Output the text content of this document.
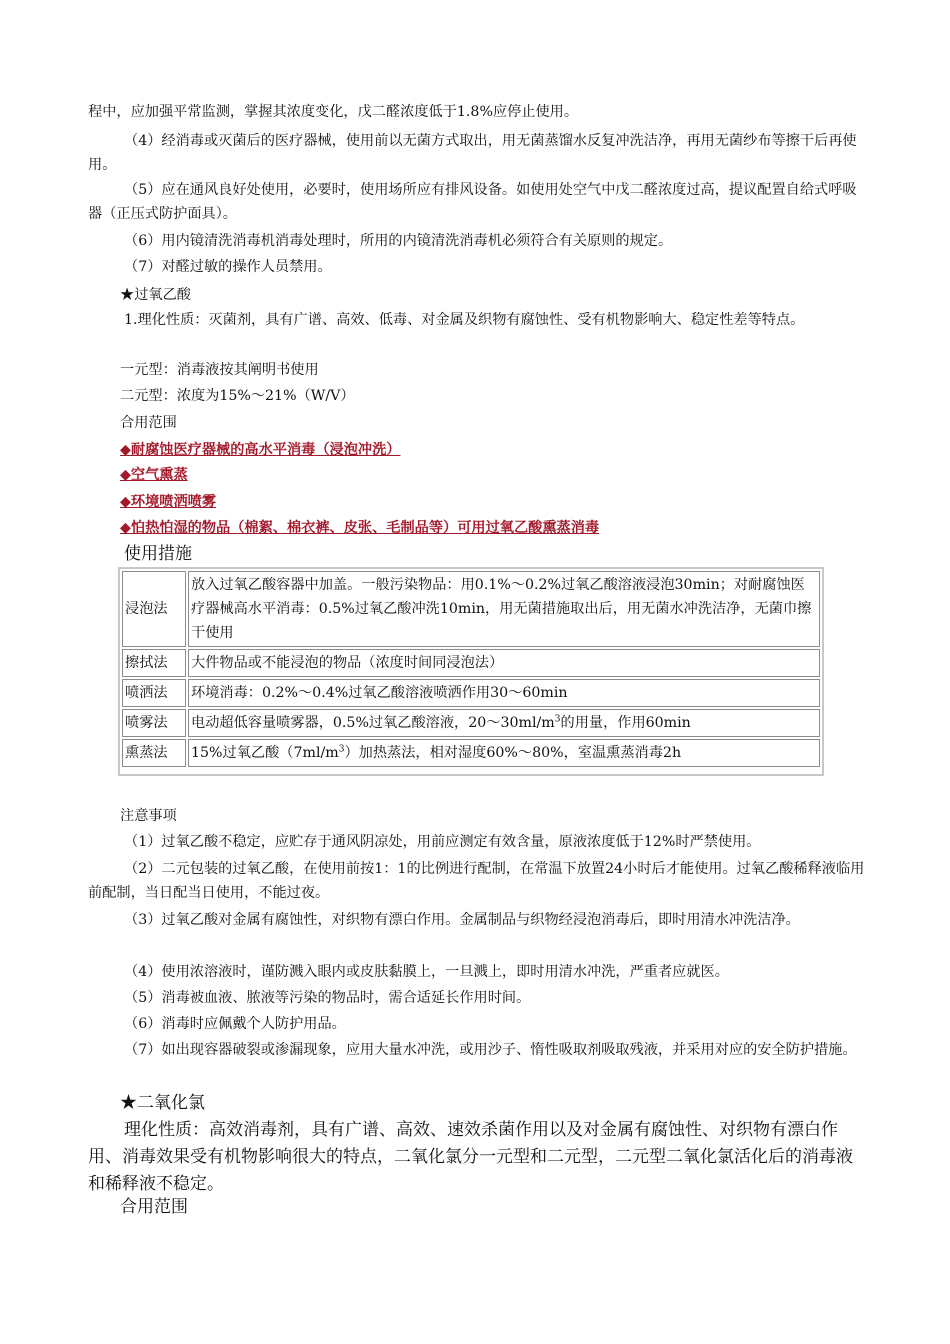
程中，应加强平常监测，掌握其浓度变化，戊二醛浓度低于1.8%应停止使用。

（4）经消毒或灭菌后的医疗器械，使用前以无菌方式取出，用无菌蒸馏水反复冲洗洁净，再用无菌纱布等擦干后再使用。

（5）应在通风良好处使用，必要时，使用场所应有排风设备。如使用处空气中戊二醛浓度过高，提议配置自给式呼吸器（正压式防护面具）。

（6）用内镜清洗消毒机消毒处理时，所用的内镜清洗消毒机必须符合有关原则的规定。

（7）对醛过敏的操作人员禁用。

★过氧乙酸

1.理化性质：灭菌剂，具有广谱、高效、低毒、对金属及织物有腐蚀性、受有机物影响大、稳定性差等特点。

一元型：消毒液按其阐明书使用

二元型：浓度为15%～21%（W/V）

合用范围

◆耐腐蚀医疗器械的高水平消毒（浸泡冲洗）

◆空气熏蒸

◆环境喷洒喷雾

◆怕热怕湿的物品（棉絮、棉衣裤、皮张、毛制品等）可用过氧乙酸熏蒸消毒

使用措施

浸泡法	放入过氧乙酸容器中加盖。一般污染物品：用0.1%～0.2%过氧乙酸溶液浸泡30min；对耐腐蚀医疗器械高水平消毒：0.5%过氧乙酸冲洗10min，用无菌措施取出后，用无菌水冲洗洁净，无菌巾擦干使用
擦拭法	大件物品或不能浸泡的物品（浓度时间同浸泡法）
喷洒法	环境消毒：0.2%～0.4%过氧乙酸溶液喷洒作用30～60min
喷雾法	电动超低容量喷雾器，0.5%过氧乙酸溶液，$20\sim 30ml/m^3$的用量，作用60min
熏蒸法	15%过氧乙酸$(7ml/m^3)$加热蒸法，相对湿度60%～80%，室温熏蒸消毒2h

注意事项

（1）过氧乙酸不稳定，应贮存于通风阴凉处，用前应测定有效含量，原液浓度低于12%时严禁使用。

（2）二元包装的过氧乙酸，在使用前按1：1的比例进行配制，在常温下放置24小时后才能使用。过氧乙酸稀释液临用前配制，当日配当日使用，不能过夜。

（3）过氧乙酸对金属有腐蚀性，对织物有漂白作用。金属制品与织物经浸泡消毒后，即时用清水冲洗洁净。

（4）使用浓溶液时，谨防溅入眼内或皮肤黏膜上，一旦溅上，即时用清水冲洗，严重者应就医。

（5）消毒被血液、脓液等污染的物品时，需合适延长作用时间。

（6）消毒时应佩戴个人防护用品。

（7）如出现容器破裂或渗漏现象，应用大量水冲洗，或用沙子、惰性吸取剂吸取残液，并采用对应的安全防护措施。

★二氧化氯

理化性质：高效消毒剂，具有广谱、高效、速效杀菌作用以及对金属有腐蚀性、对织物有漂白作用、消毒效果受有机物影响很大的特点，二氧化氯分一元型和二元型，二元型二氧化氯活化后的消毒液和稀释液不稳定。

合用范围
